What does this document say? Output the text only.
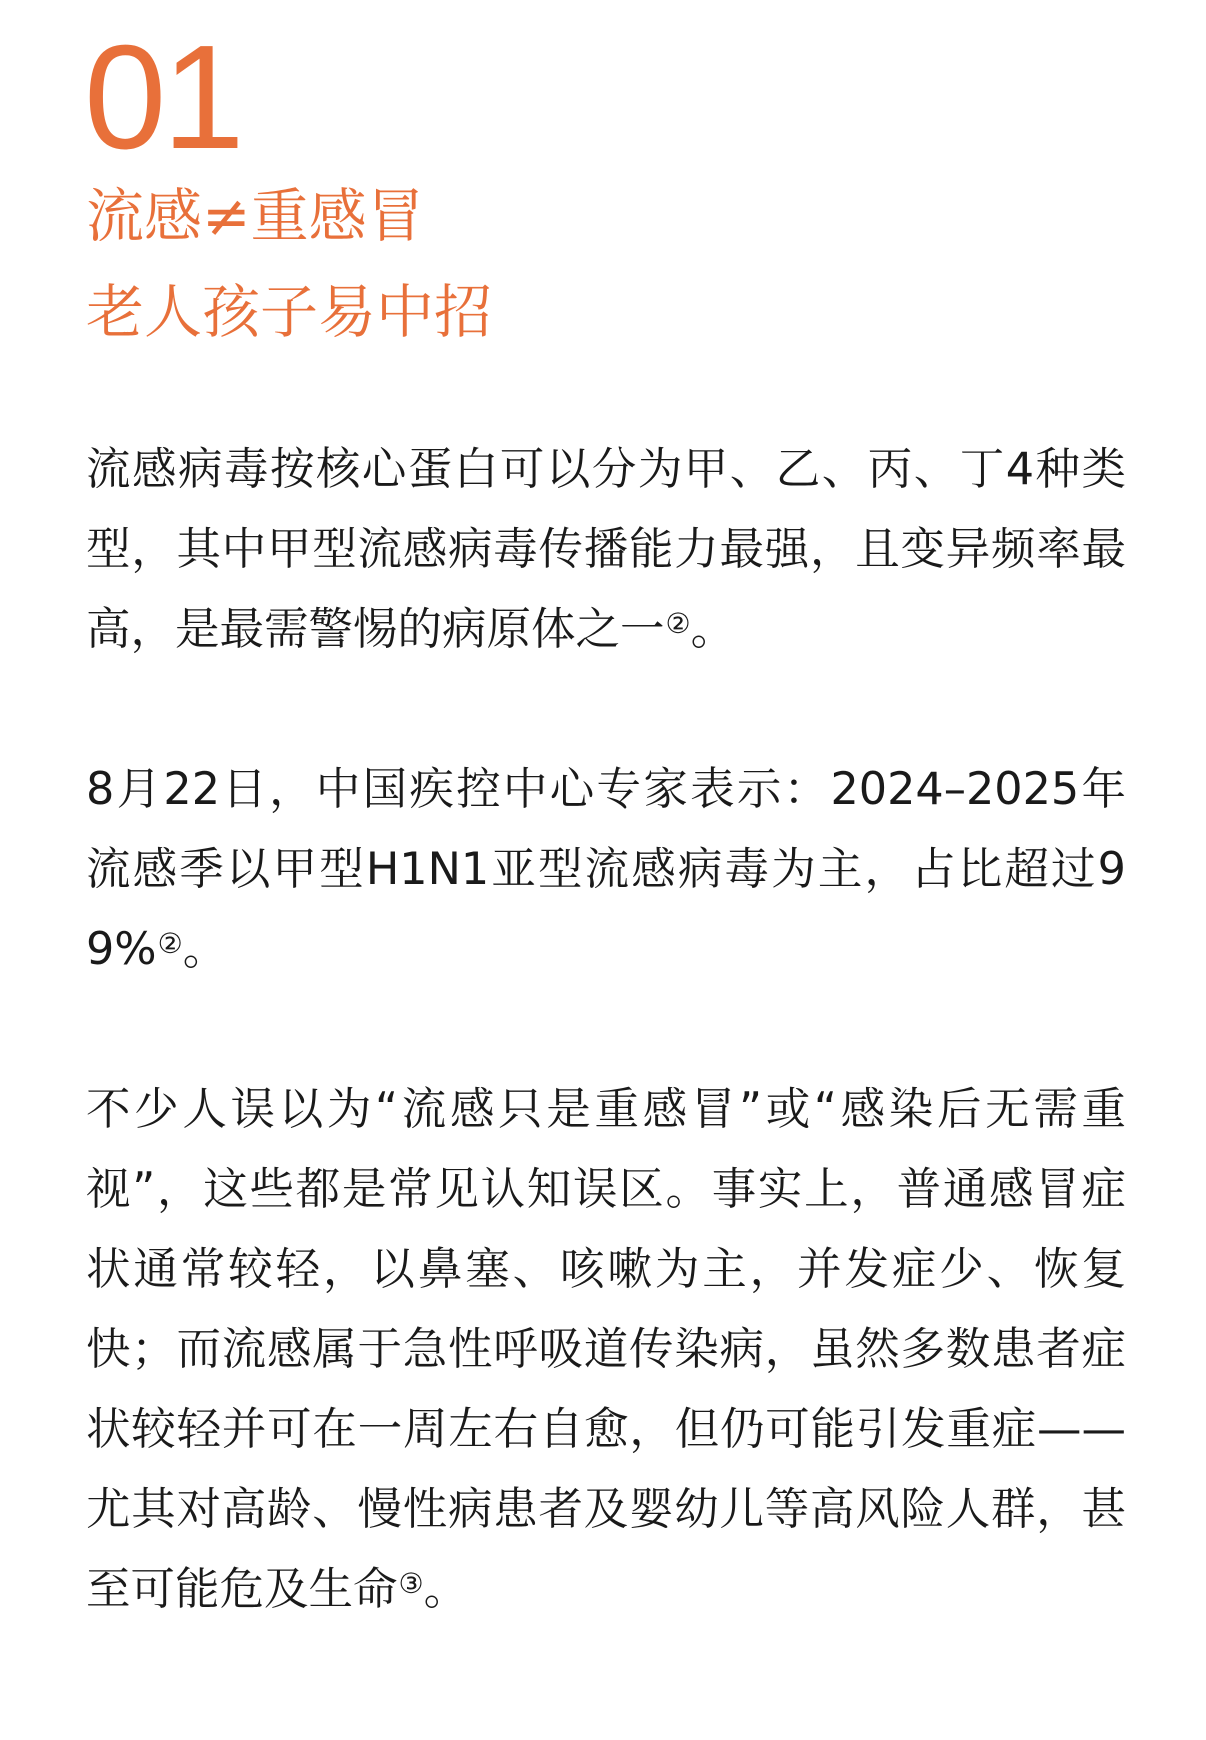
01
流感≠重感冒
老人孩子易中招

流感病毒按核心蛋白可以分为甲、乙、丙、丁4种类型，其中甲型流感病毒传播能力最强，且变异频率最高，是最需警惕的病原体之一②。

8月22日，中国疾控中心专家表示：2024–2025年流感季以甲型H1N1亚型流感病毒为主，占比超过99%②。

不少人误以为“流感只是重感冒”或“感染后无需重视”，这些都是常见认知误区。事实上，普通感冒症状通常较轻，以鼻塞、咳嗽为主，并发症少、恢复快；而流感属于急性呼吸道传染病，虽然多数患者症状较轻并可在一周左右自愈，但仍可能引发重症——尤其对高龄、慢性病患者及婴幼儿等高风险人群，甚至可能危及生命③。
